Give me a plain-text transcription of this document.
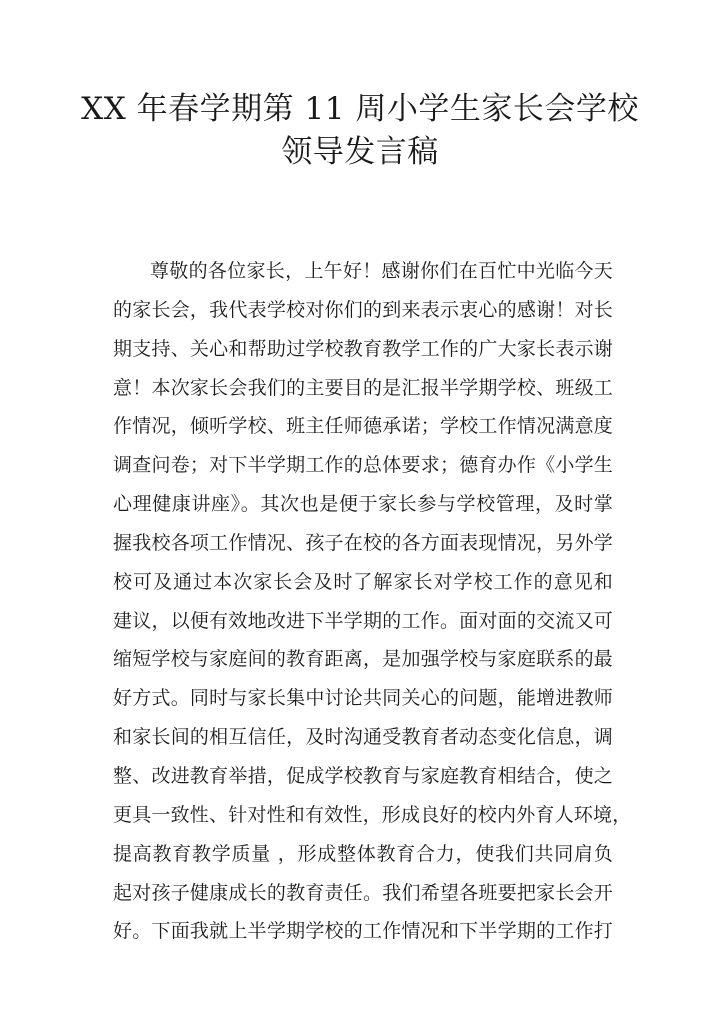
XX 年春学期第 11 周小学生家长会学校
领导发言稿
尊敬的各位家长，上午好！感谢你们在百忙中光临今天
的家长会，我代表学校对你们的到来表示衷心的感谢！对长
期支持、关心和帮助过学校教育教学工作的广大家长表示谢
意！本次家长会我们的主要目的是汇报半学期学校、班级工
作情况，倾听学校、班主任师德承诺；学校工作情况满意度
调查问卷；对下半学期工作的总体要求；德育办作《小学生
心理健康讲座》。其次也是便于家长参与学校管理，及时掌
握我校各项工作情况、孩子在校的各方面表现情况，另外学
校可及通过本次家长会及时了解家长对学校工作的意见和
建议，以便有效地改进下半学期的工作。面对面的交流又可
缩短学校与家庭间的教育距离，是加强学校与家庭联系的最
好方式。同时与家长集中讨论共同关心的问题，能增进教师
和家长间的相互信任，及时沟通受教育者动态变化信息，调
整、改进教育举措，促成学校教育与家庭教育相结合，使之
更具一致性、针对性和有效性，形成良好的校内外育人环境，
提高教育教学质量 ，形成整体教育合力，使我们共同肩负
起对孩子健康成长的教育责任。我们希望各班要把家长会开
好。下面我就上半学期学校的工作情况和下半学期的工作打
